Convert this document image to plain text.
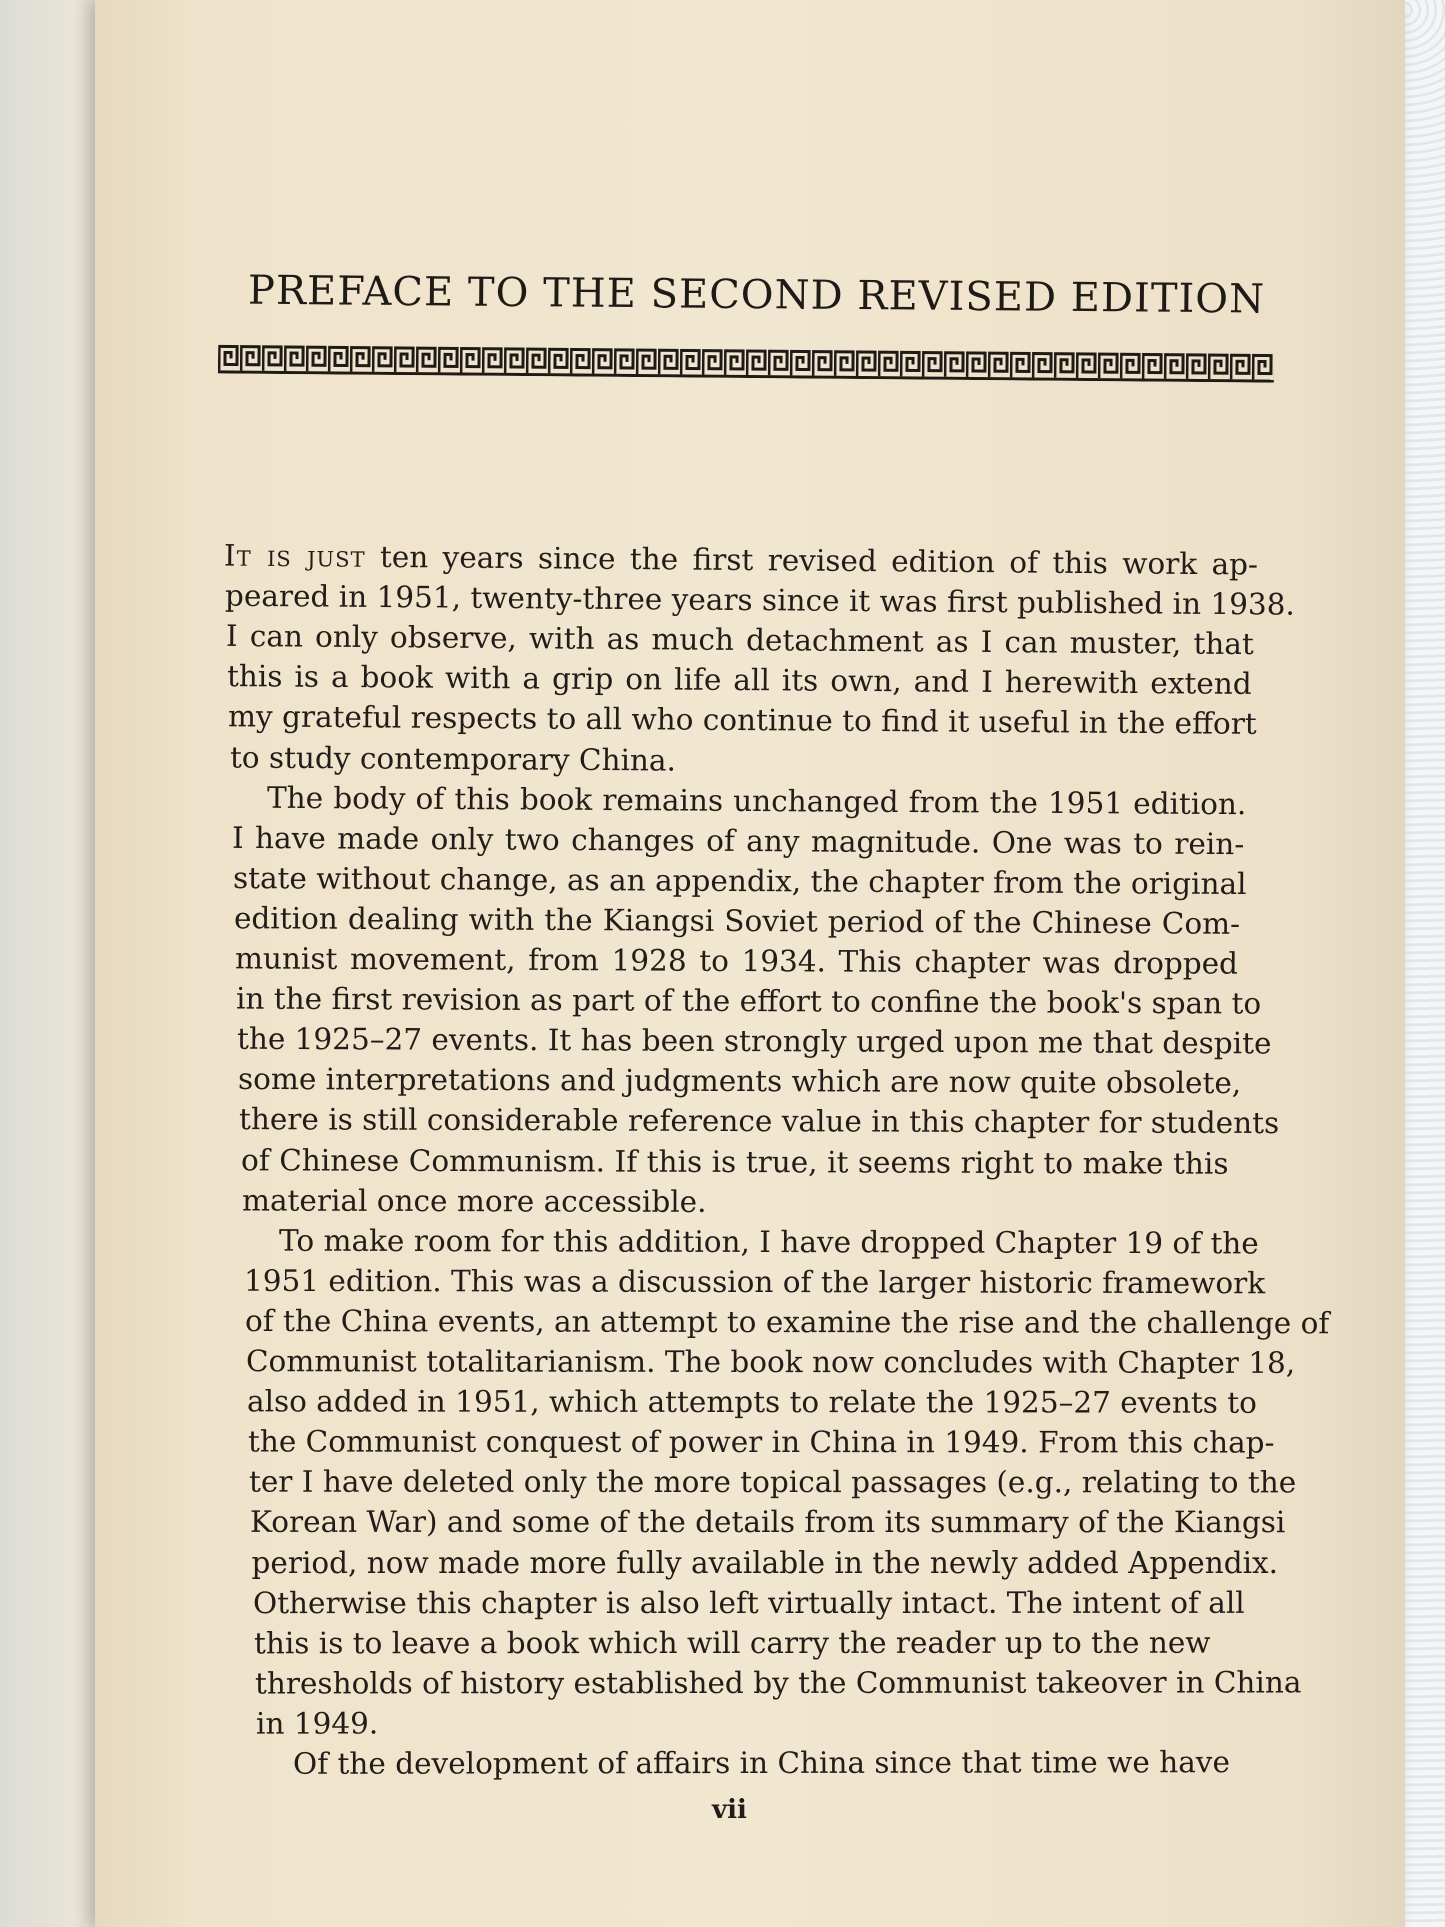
PREFACE TO THE SECOND REVISED EDITION
It is just ten years since the first revised edition of this work ap-
peared in 1951, twenty-three years since it was first published in 1938.
I can only observe, with as much detachment as I can muster, that
this is a book with a grip on life all its own, and I herewith extend
my grateful respects to all who continue to find it useful in the effort
to study contemporary China.
The body of this book remains unchanged from the 1951 edition.
I have made only two changes of any magnitude. One was to rein-
state without change, as an appendix, the chapter from the original
edition dealing with the Kiangsi Soviet period of the Chinese Com-
munist movement, from 1928 to 1934. This chapter was dropped
in the first revision as part of the effort to confine the book's span to
the 1925–27 events. It has been strongly urged upon me that despite
some interpretations and judgments which are now quite obsolete,
there is still considerable reference value in this chapter for students
of Chinese Communism. If this is true, it seems right to make this
material once more accessible.
To make room for this addition, I have dropped Chapter 19 of the
1951 edition. This was a discussion of the larger historic framework
of the China events, an attempt to examine the rise and the challenge of
Communist totalitarianism. The book now concludes with Chapter 18,
also added in 1951, which attempts to relate the 1925–27 events to
the Communist conquest of power in China in 1949. From this chap-
ter I have deleted only the more topical passages (e.g., relating to the
Korean War) and some of the details from its summary of the Kiangsi
period, now made more fully available in the newly added Appendix.
Otherwise this chapter is also left virtually intact. The intent of all
this is to leave a book which will carry the reader up to the new
thresholds of history established by the Communist takeover in China
in 1949.
Of the development of affairs in China since that time we have
vii
